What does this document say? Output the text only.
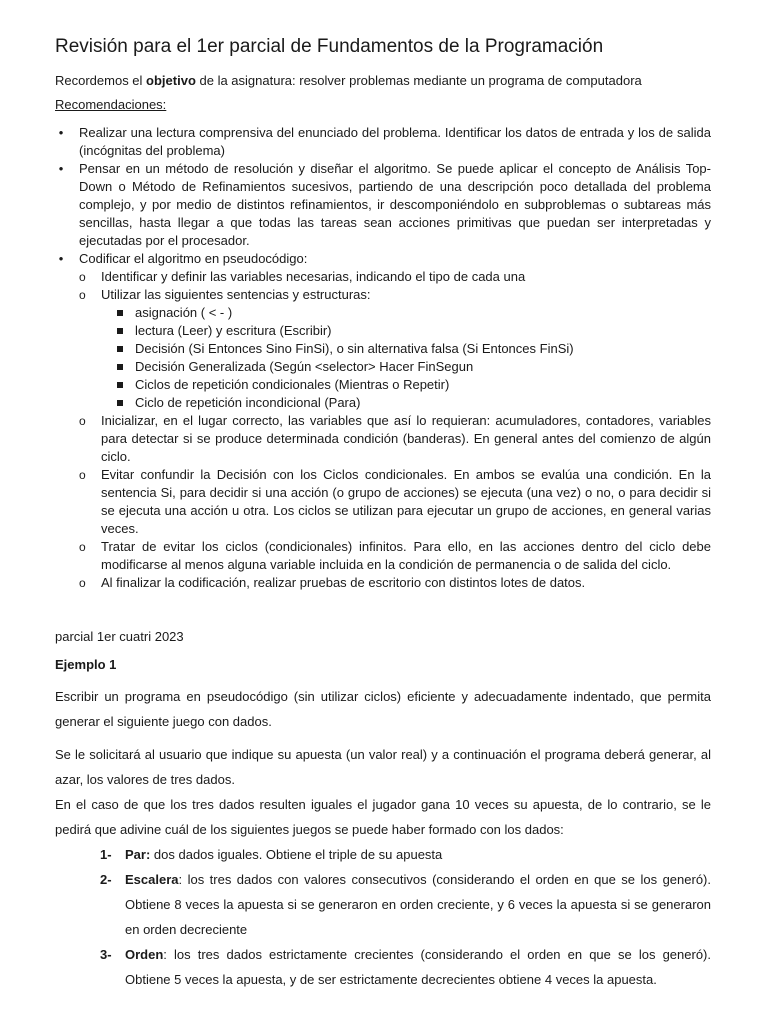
Revisión para el 1er parcial de Fundamentos de la Programación

Recordemos el objetivo de la asignatura: resolver problemas mediante un programa de computadora

Recomendaciones:

• Realizar una lectura comprensiva del enunciado del problema. Identificar los datos de entrada y los de salida (incógnitas del problema)
• Pensar en un método de resolución y diseñar el algoritmo. Se puede aplicar el concepto de Análisis Top-Down o Método de Refinamientos sucesivos, partiendo de una descripción poco detallada del problema complejo, y por medio de distintos refinamientos, ir descomponiéndolo en subproblemas o subtareas más sencillas, hasta llegar a que todas las tareas sean acciones primitivas que puedan ser interpretadas y ejecutadas por el procesador.
• Codificar el algoritmo en pseudocódigo:
o Identificar y definir las variables necesarias, indicando el tipo de cada una
o Utilizar las siguientes sentencias y estructuras:
asignación ( < - )
lectura (Leer) y escritura (Escribir)
Decisión (Si Entonces Sino FinSi), o sin alternativa falsa (Si Entonces FinSi)
Decisión Generalizada (Según <selector> Hacer FinSegun
Ciclos de repetición condicionales (Mientras o Repetir)
Ciclo de repetición incondicional (Para)
o Inicializar, en el lugar correcto, las variables que así lo requieran: acumuladores, contadores, variables para detectar si se produce determinada condición (banderas). En general antes del comienzo de algún ciclo.
o Evitar confundir la Decisión con los Ciclos condicionales. En ambos se evalúa una condición. En la sentencia Si, para decidir si una acción (o grupo de acciones) se ejecuta (una vez) o no, o para decidir si se ejecuta una acción u otra. Los ciclos se utilizan para ejecutar un grupo de acciones, en general varias veces.
o Tratar de evitar los ciclos (condicionales) infinitos. Para ello, en las acciones dentro del ciclo debe modificarse al menos alguna variable incluida en la condición de permanencia o de salida del ciclo.
o Al finalizar la codificación, realizar pruebas de escritorio con distintos lotes de datos.

parcial 1er cuatri 2023

Ejemplo 1

Escribir un programa en pseudocódigo (sin utilizar ciclos) eficiente y adecuadamente indentado, que permita generar el siguiente juego con dados.

Se le solicitará al usuario que indique su apuesta (un valor real) y a continuación el programa deberá generar, al azar, los valores de tres dados.

En el caso de que los tres dados resulten iguales el jugador gana 10 veces su apuesta, de lo contrario, se le pedirá que adivine cuál de los siguientes juegos se puede haber formado con los dados:

1- Par: dos dados iguales. Obtiene el triple de su apuesta
2- Escalera: los tres dados con valores consecutivos (considerando el orden en que se los generó). Obtiene 8 veces la apuesta si se generaron en orden creciente, y 6 veces la apuesta si se generaron en orden decreciente
3- Orden: los tres dados estrictamente crecientes (considerando el orden en que se los generó). Obtiene 5 veces la apuesta, y de ser estrictamente decrecientes obtiene 4 veces la apuesta.
